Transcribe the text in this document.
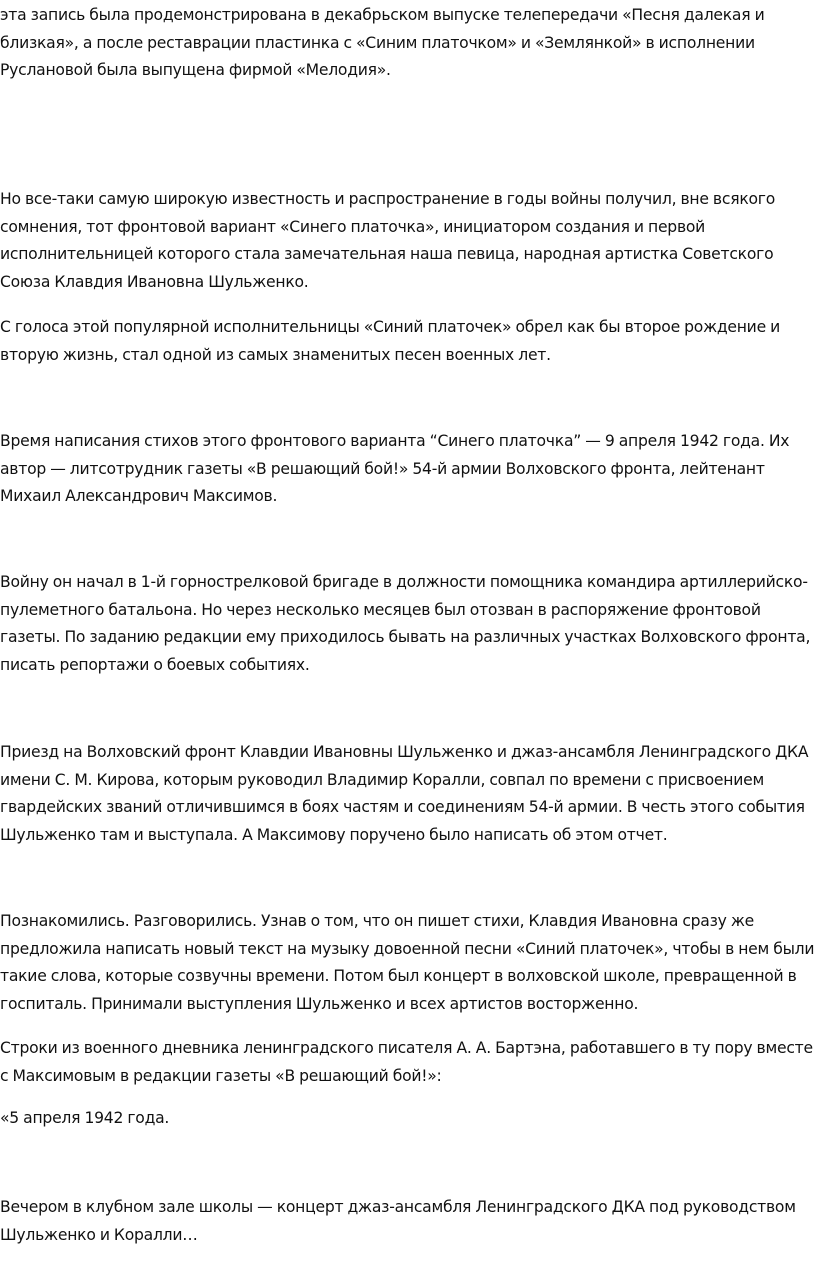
эта запись была продемонстрирована в декабрьском выпуске телепередачи «Песня далекая и близкая», а после реставрации пластинка с «Синим платочком» и «Землянкой» в исполнении Руслановой была выпущена фирмой «Мелодия».

Но все-таки самую широкую известность и распространение в годы войны получил, вне всякого сомнения, тот фронтовой вариант «Синего платочка», инициатором создания и первой исполнительницей которого стала замечательная наша певица, народная артистка Советского Союза Клавдия Ивановна Шульженко.

С голоса этой популярной исполнительницы «Синий платочек» обрел как бы второе рождение и вторую жизнь, стал одной из самых знаменитых песен военных лет.

Время написания стихов этого фронтового варианта “Синего платочка” — 9 апреля 1942 года. Их автор — литсотрудник газеты «В решающий бой!» 54-й армии Волховского фронта, лейтенант Михаил Александрович Максимов.

Войну он начал в 1-й горнострелковой бригаде в должности помощника командира артиллерийско-пулеметного батальона. Но через несколько месяцев был отозван в распоряжение фронтовой газеты. По заданию редакции ему приходилось бывать на различных участках Волховского фронта, писать репортажи о боевых событиях.

Приезд на Волховский фронт Клавдии Ивановны Шульженко и джаз-ансамбля Ленинградского ДКА имени С. М. Кирова, которым руководил Владимир Коралли, совпал по времени с присвоением гвардейских званий отличившимся в боях частям и соединениям 54-й армии. В честь этого события Шульженко там и выступала. А Максимову поручено было написать об этом отчет.

Познакомились. Разговорились. Узнав о том, что он пишет стихи, Клавдия Ивановна сразу же предложила написать новый текст на музыку довоенной песни «Синий платочек», чтобы в нем были такие слова, которые созвучны времени. Потом был концерт в волховской школе, превращенной в госпиталь. Принимали выступления Шульженко и всех артистов восторженно.

Строки из военного дневника ленинградского писателя А. А. Бартэна, работавшего в ту пору вместе с Максимовым в редакции газеты «В решающий бой!»:

«5 апреля 1942 года.

Вечером в клубном зале школы — концерт джаз-ансамбля Ленинградского ДКА под руководством Шульженко и Коралли…
